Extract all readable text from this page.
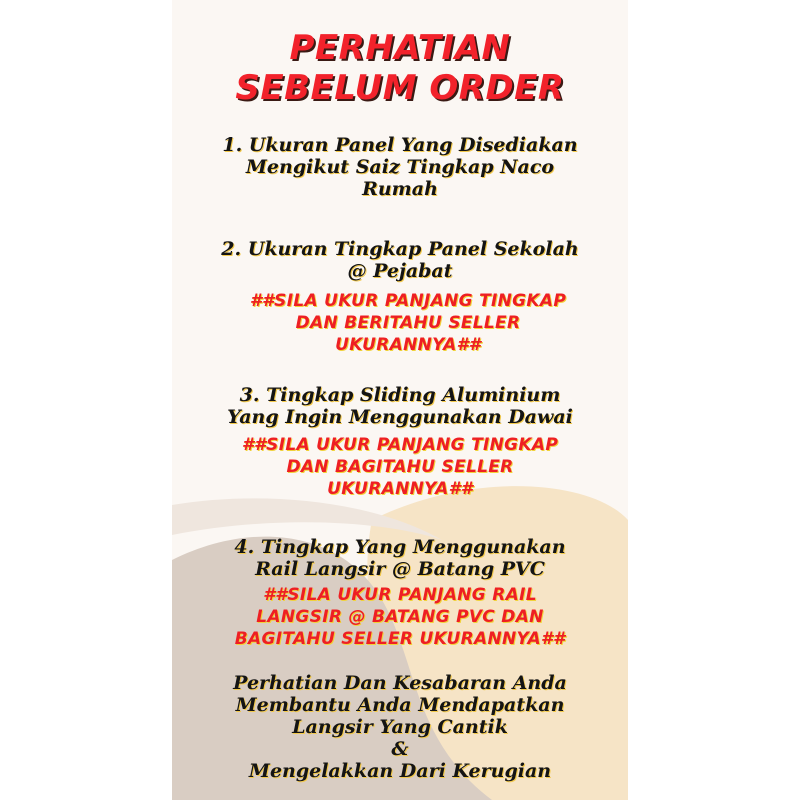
PERHATIAN
SEBELUM ORDER
1. Ukuran Panel Yang Disediakan
Mengikut Saiz Tingkap Naco
Rumah
2. Ukuran Tingkap Panel Sekolah
@ Pejabat
##SILA UKUR PANJANG TINGKAP
DAN BERITAHU SELLER
UKURANNYA##
3. Tingkap Sliding Aluminium
Yang Ingin Menggunakan Dawai
##SILA UKUR PANJANG TINGKAP
DAN BAGITAHU SELLER
UKURANNYA##
4. Tingkap Yang Menggunakan
Rail Langsir @ Batang PVC
##SILA UKUR PANJANG RAIL
LANGSIR @ BATANG PVC DAN
BAGITAHU SELLER UKURANNYA##
Perhatian Dan Kesabaran Anda
Membantu Anda Mendapatkan
Langsir Yang Cantik
&
Mengelakkan Dari Kerugian
